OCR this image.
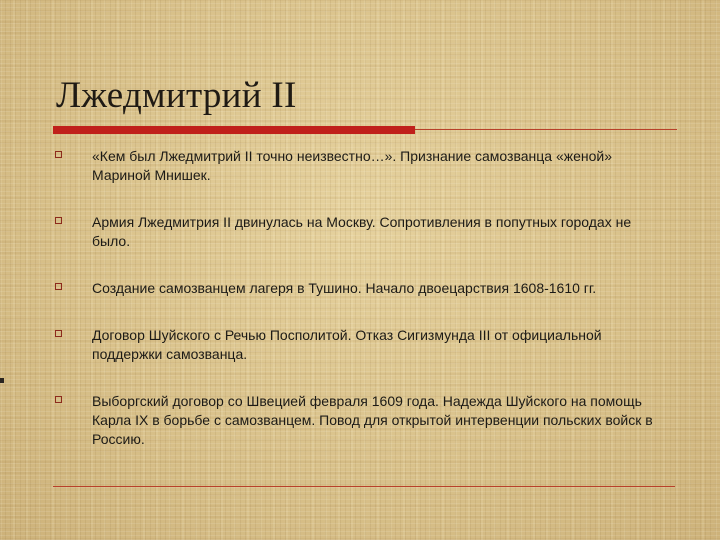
Лжедмитрий II
«Кем был Лжедмитрий II точно неизвестно…». Признание самозванца «женой» Мариной Мнишек.
Армия Лжедмитрия II двинулась на Москву. Сопротивления в попутных городах не было.
Создание самозванцем лагеря в Тушино. Начало двоецарствия 1608-1610 гг.
Договор Шуйского с Речью Посполитой. Отказ Сигизмунда III от официальной поддержки самозванца.
Выборгский договор со Швецией февраля 1609 года. Надежда Шуйского на помощь Карла IX в борьбе с самозванцем. Повод для открытой интервенции польских войск в Россию.
